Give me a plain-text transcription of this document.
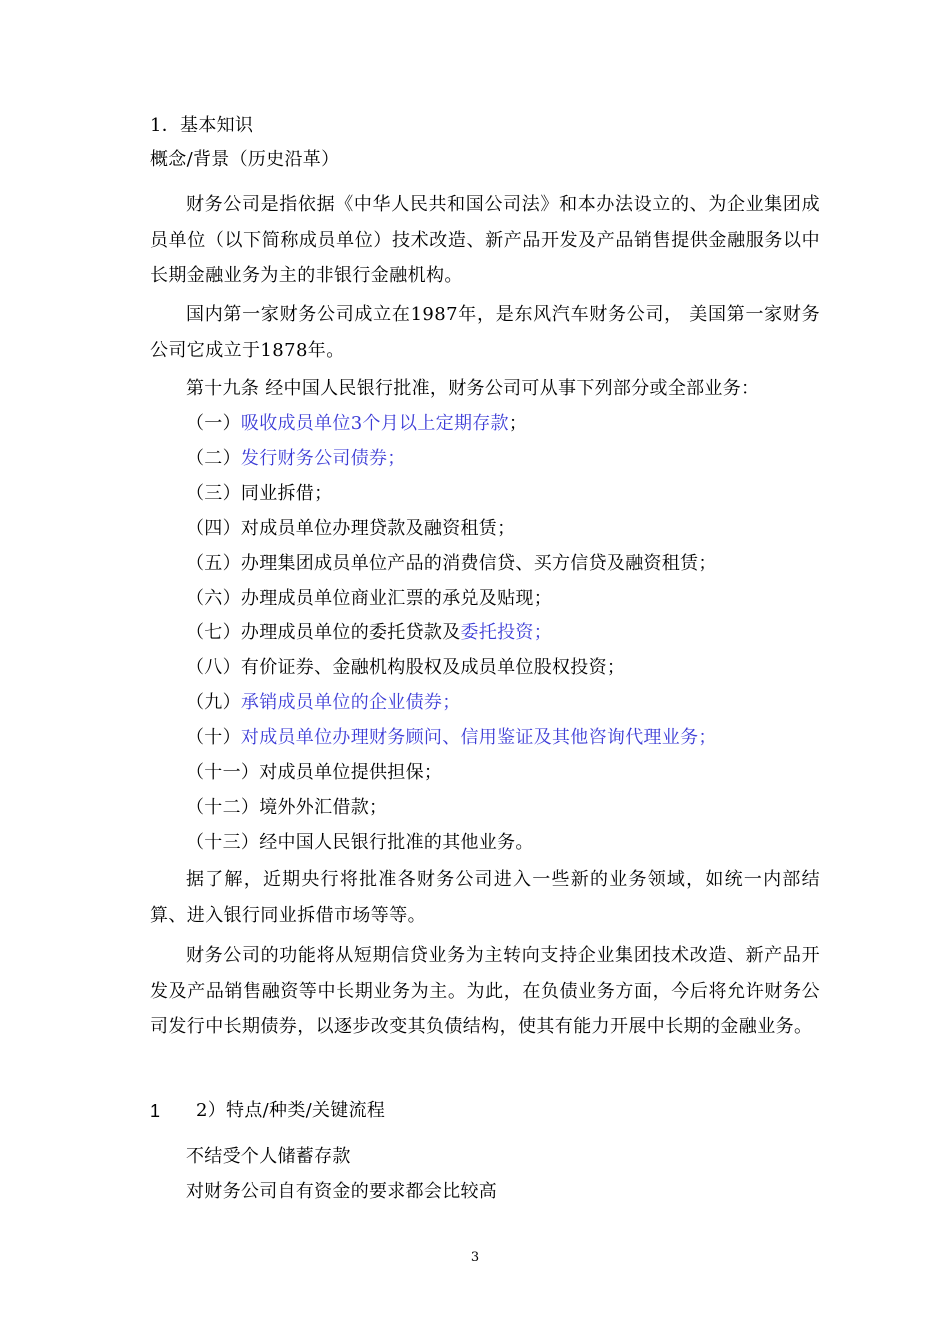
1．基本知识
概念/背景（历史沿革）
财务公司是指依据《中华人民共和国公司法》和本办法设立的、为企业集团成员单位（以下简称成员单位）技术改造、新产品开发及产品销售提供金融服务以中长期金融业务为主的非银行金融机构。
国内第一家财务公司成立在1987年，是东风汽车财务公司， 美国第一家财务公司它成立于1878年。
第十九条 经中国人民银行批准，财务公司可从事下列部分或全部业务：
（一）吸收成员单位3个月以上定期存款；
（二）发行财务公司债券；
（三）同业拆借；
（四）对成员单位办理贷款及融资租赁；
（五）办理集团成员单位产品的消费信贷、买方信贷及融资租赁；
（六）办理成员单位商业汇票的承兑及贴现；
（七）办理成员单位的委托贷款及委托投资；
（八）有价证券、金融机构股权及成员单位股权投资；
（九）承销成员单位的企业债券；
（十）对成员单位办理财务顾问、信用鉴证及其他咨询代理业务；
（十一）对成员单位提供担保；
（十二）境外外汇借款；
（十三）经中国人民银行批准的其他业务。
据了解，近期央行将批准各财务公司进入一些新的业务领域，如统一内部结算、进入银行同业拆借市场等等。
财务公司的功能将从短期信贷业务为主转向支持企业集团技术改造、新产品开发及产品销售融资等中长期业务为主。为此，在负债业务方面，今后将允许财务公司发行中长期债券，以逐步改变其负债结构，使其有能力开展中长期的金融业务。
1 2）特点/种类/关键流程
不结受个人储蓄存款
对财务公司自有资金的要求都会比较高
3
